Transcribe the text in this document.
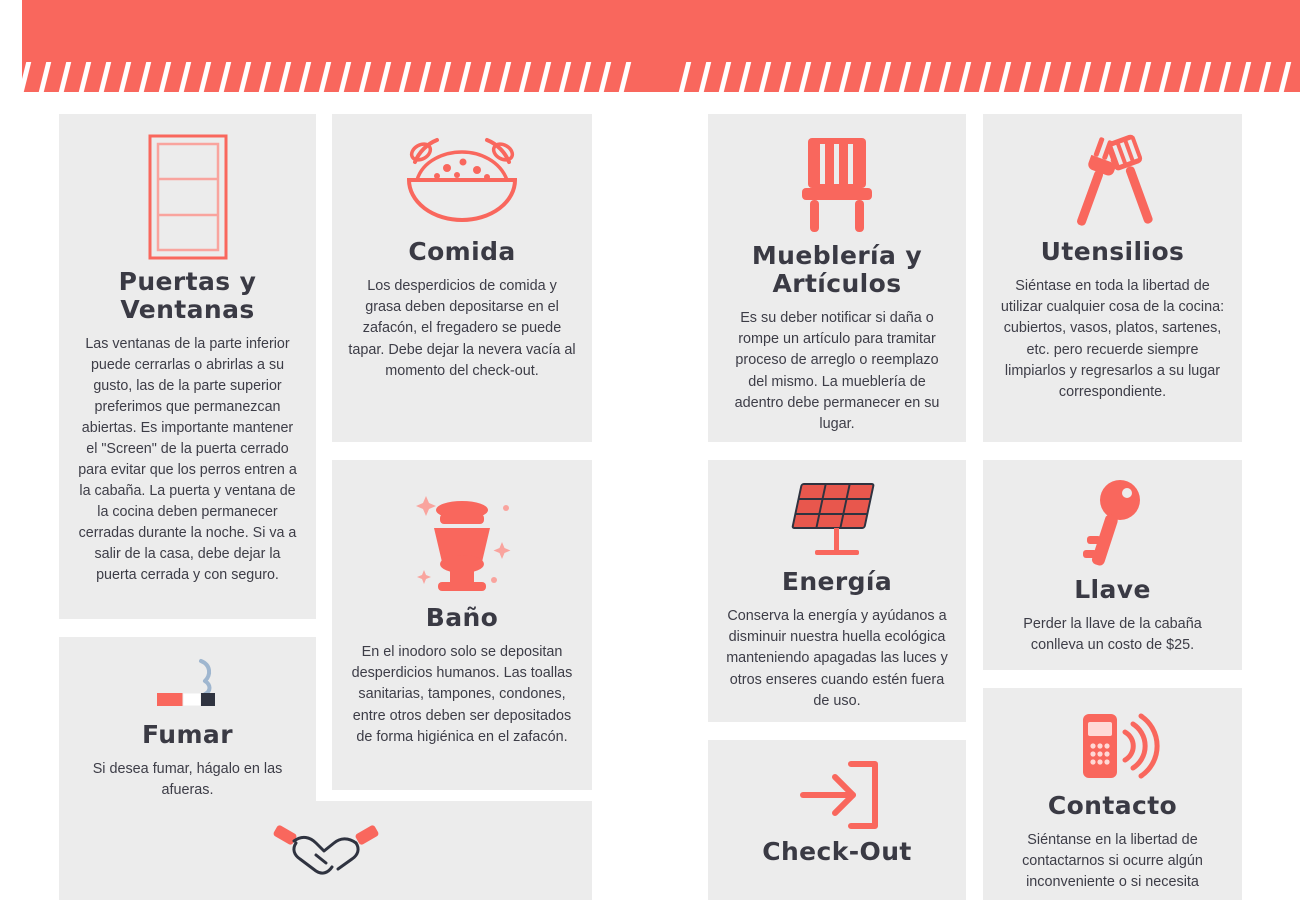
Puertas y Ventanas

Las ventanas de la parte inferior puede cerrarlas o abrirlas a su gusto, las de la parte superior preferimos que permanezcan abiertas. Es importante mantener el "Screen" de la puerta cerrado para evitar que los perros entren a la cabaña. La puerta y ventana de la cocina deben permanecer cerradas durante la noche. Si va a salir de la casa, debe dejar la puerta cerrada y con seguro.

Fumar

Si desea fumar, hágalo en las afueras.

Comida

Los desperdicios de comida y grasa deben depositarse en el zafacón, el fregadero se puede tapar. Debe dejar la nevera vacía al momento del check-out.

Baño

En el inodoro solo se depositan desperdicios humanos. Las toallas sanitarias, tampones, condones, entre otros deben ser depositados de forma higiénica en el zafacón.

Mueblería y Artículos

Es su deber notificar si daña o rompe un artículo para tramitar proceso de arreglo o reemplazo del mismo. La mueblería de adentro debe permanecer en su lugar.

Energía

Conserva la energía y ayúdanos a disminuir nuestra huella ecológica manteniendo apagadas las luces y otros enseres cuando estén fuera de uso.

Check-Out

Utensilios

Siéntase en toda la libertad de utilizar cualquier cosa de la cocina: cubiertos, vasos, platos, sartenes, etc. pero recuerde siempre limpiarlos y regresarlos a su lugar correspondiente.

Llave

Perder la llave de la cabaña conlleva un costo de $25.

Contacto

Siéntanse en la libertad de contactarnos si ocurre algún inconveniente o si necesita
